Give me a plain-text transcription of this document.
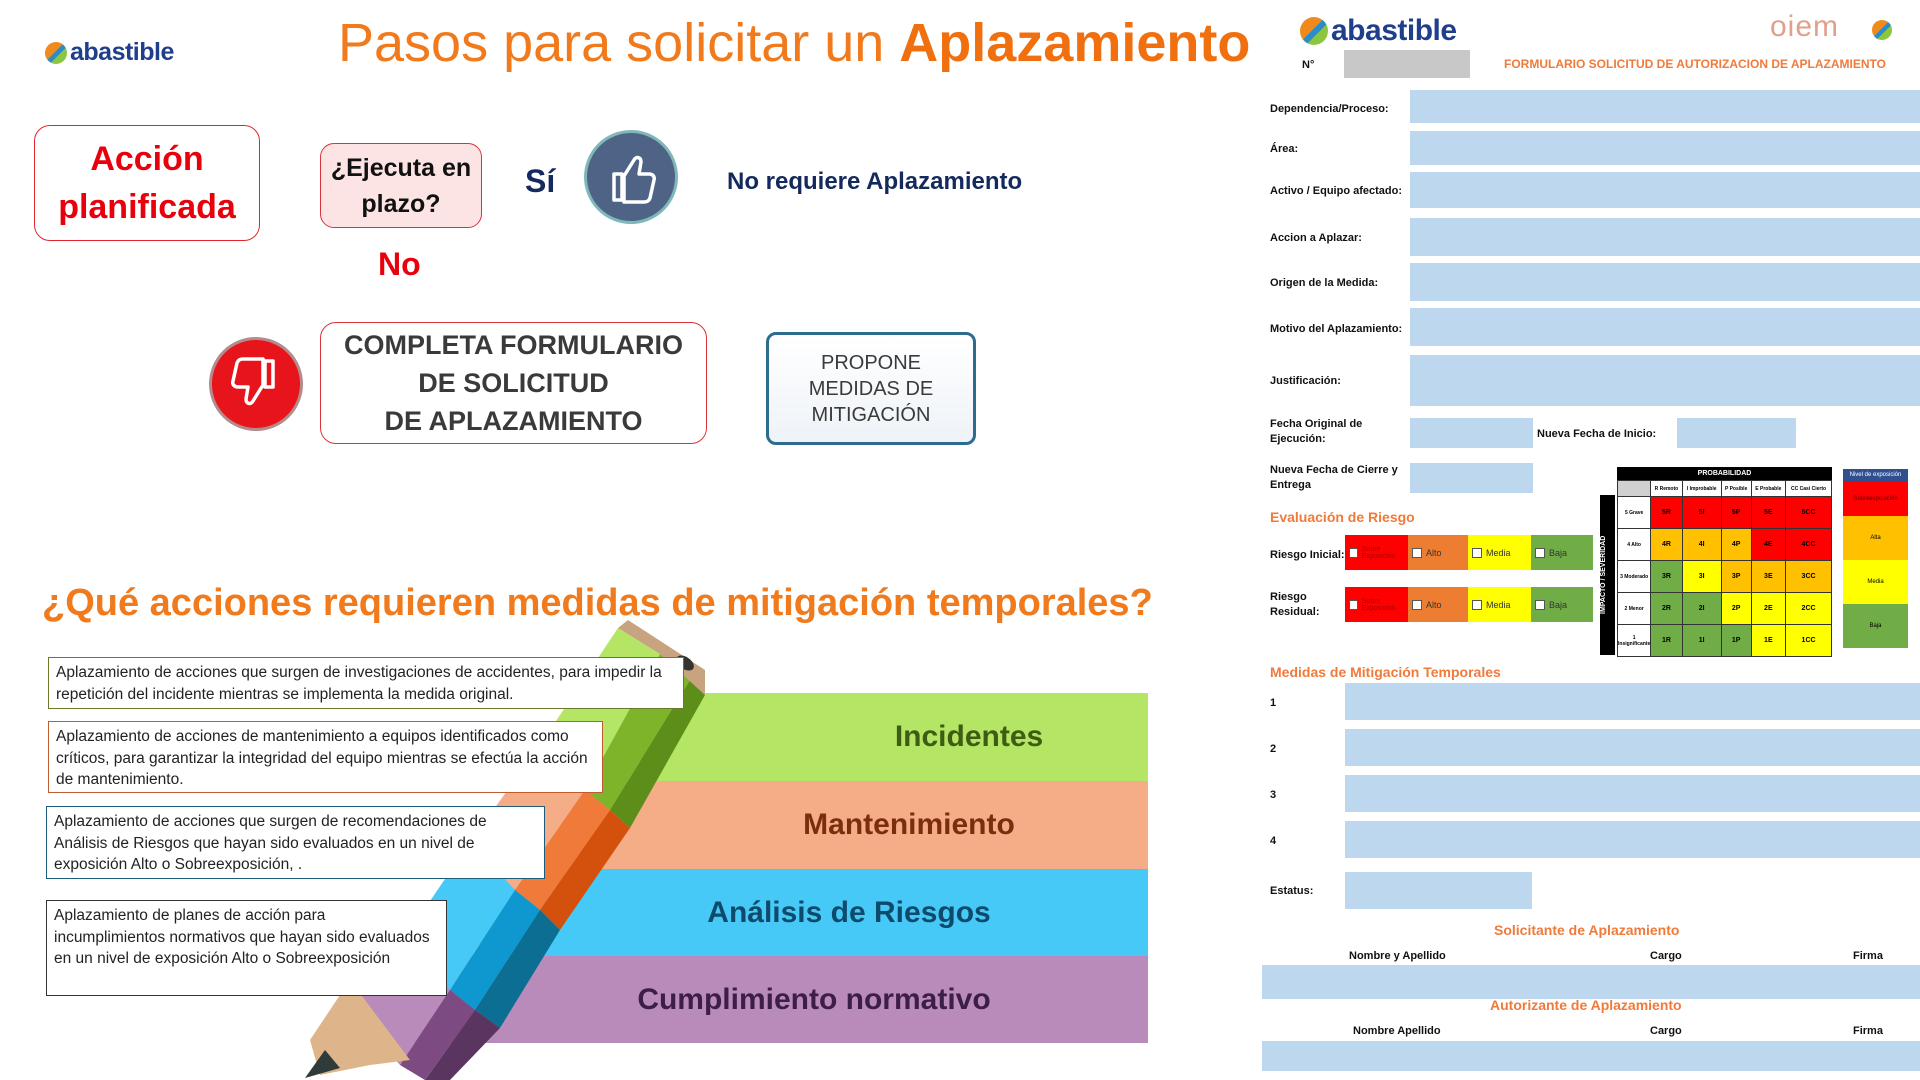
abastible	Pasos para solicitar un Aplazamiento
Acción
planificada
¿Ejecuta en
plazo?
Sí	No requiere Aplazamiento
No
COMPLETA FORMULARIO
DE SOLICITUD
DE APLAZAMIENTO
PROPONE
MEDIDAS DE
MITIGACIÓN
¿Qué acciones requieren medidas de mitigación temporales?
Incidentes
Mantenimiento
Análisis de Riesgos
Cumplimiento normativo
Aplazamiento de acciones que surgen de investigaciones de accidentes, para impedir la repetición del incidente mientras se implementa la medida original.
Aplazamiento de acciones de mantenimiento a equipos identificados como críticos, para garantizar la integridad del equipo mientras se efectúa la acción de mantenimiento.
Aplazamiento de acciones que surgen de recomendaciones de Análisis de Riesgos que hayan sido evaluados en un nivel de exposición Alto o Sobreexposición, .
Aplazamiento de planes de acción para incumplimientos normativos que hayan sido evaluados en un nivel de exposición Alto o Sobreexposición
abastible	oiem
N°	FORMULARIO SOLICITUD DE AUTORIZACION DE APLAZAMIENTO
Dependencia/Proceso:
Área:
Activo / Equipo afectado:
Accion a Aplazar:
Origen de la Medida:
Motivo del Aplazamiento:
Justificación:
Fecha Original de Ejecución:	Nueva Fecha de Inicio:
Nueva Fecha de Cierre y Entrega
Evaluación de Riesgo
Riesgo Inicial: Sobre Exposición	Alto	Media	Baja
Riesgo Residual:
Sobre Exposición	Alto	Media	Baja	IMPACTO / SEVERIDAD
PROBABILIDAD
	R Remoto	I Improbable	P Posible	E Probable	CC Casi Cierto
5 Grave	5R	5I	5P	5E	5CC
4 Alto	4R	4I	4P	4E	4CC
3 Moderado	3R	3I	3P	3E	3CC
2 Menor	2R	2I	2P	2E	2CC
1 Insignificante	1R	1I	1P	1E	1CC
Nivel de exposición
Sobreexposición
Alta
Media
Baja
Medidas de Mitigación Temporales
1
2
3
4
Estatus:
Solicitante de Aplazamiento
Nombre y Apellido	Cargo	Firma
Autorizante de Aplazamiento
Nombre Apellido	Cargo	Firma
